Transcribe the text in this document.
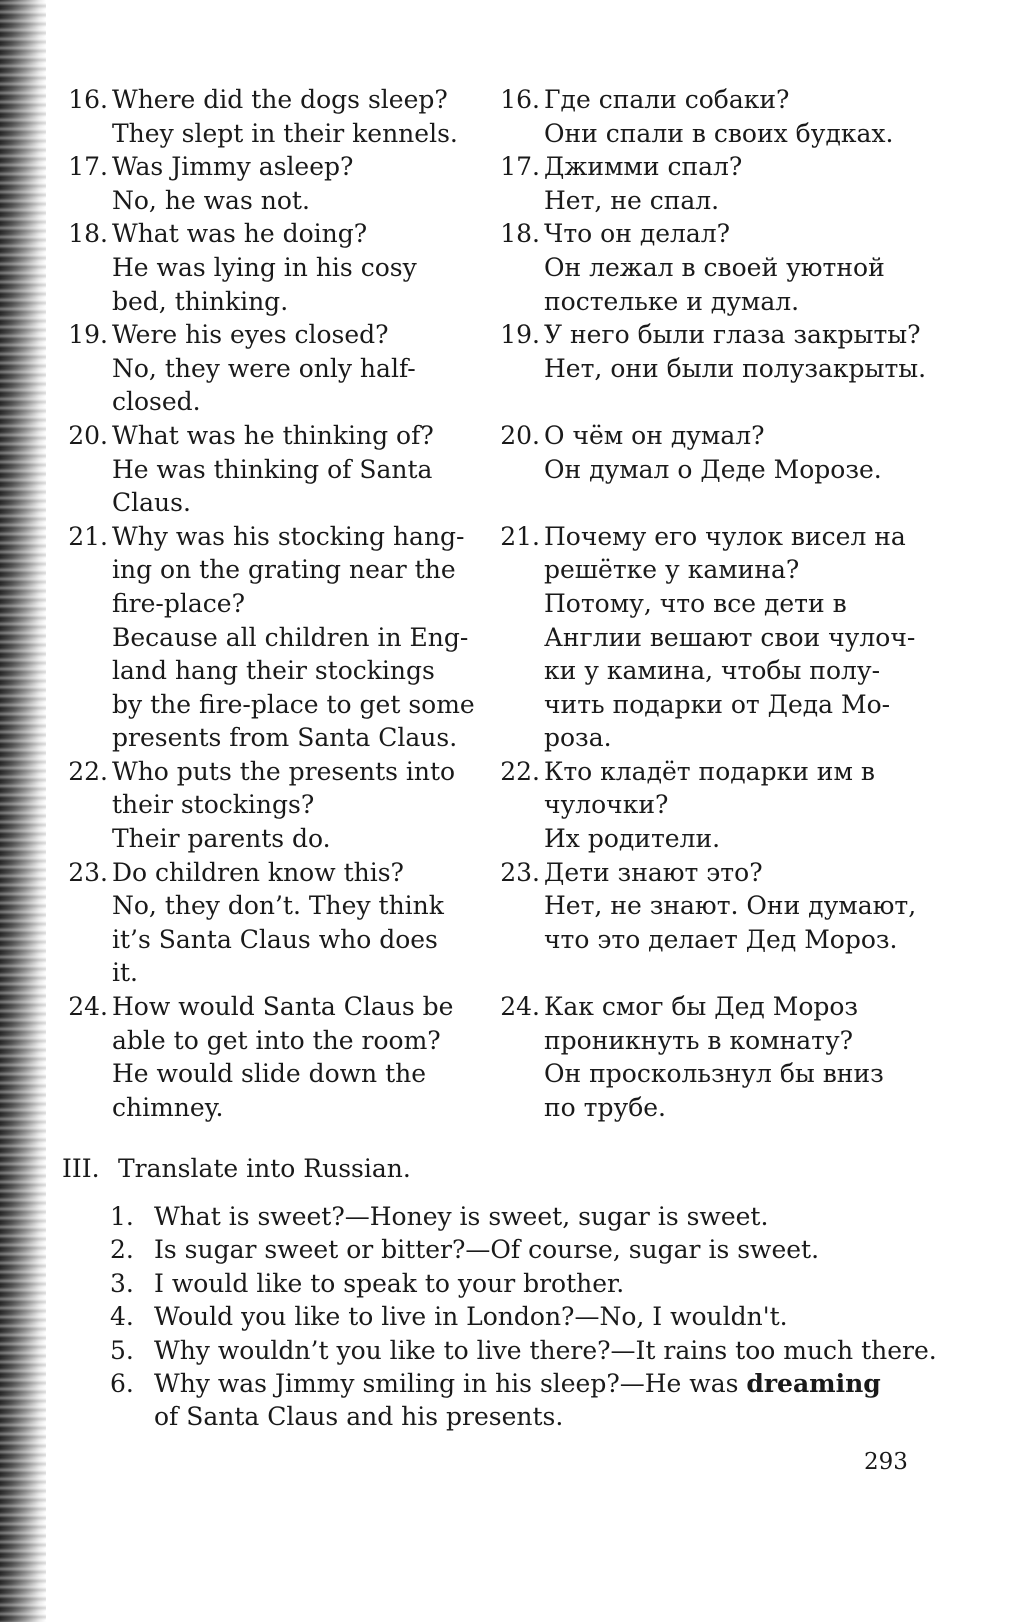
16. Where did the dogs sleep?
They slept in their kennels.
17. Was Jimmy asleep?
No, he was not.
18. What was he doing?
He was lying in his cosy
bed, thinking.
19. Were his eyes closed?
No, they were only half-
closed.
20. What was he thinking of?
He was thinking of Santa
Claus.
21. Why was his stocking hang-
ing on the grating near the
fire-place?
Because all children in Eng-
land hang their stockings
by the fire-place to get some
presents from Santa Claus.
22. Who puts the presents into
their stockings?
Their parents do.
23. Do children know this?
No, they don’t. They think
it’s Santa Claus who does
it.
24. How would Santa Claus be
able to get into the room?
He would slide down the
chimney.
16. Где спали собаки?
Они спали в своих будках.
17. Джимми спал?
Нет, не спал.
18. Что он делал?
Он лежал в своей уютной
постельке и думал.
19. У него были глаза закрыты?
Нет, они были полузакрыты.

20. О чём он думал?
Он думал о Деде Морозе.

21. Почему его чулок висел на
решётке у камина?
Потому, что все дети в
Англии вешают свои чулоч-
ки у камина, чтобы полу-
чить подарки от Деда Мо-
роза.
22. Кто кладёт подарки им в
чулочки?
Их родители.
23. Дети знают это?
Нет, не знают. Они думают,
что это делает Дед Мороз.

24. Как смог бы Дед Мороз
проникнуть в комнату?
Он проскользнул бы вниз
по трубе.
III. Translate into Russian.
1. What is sweet?—Honey is sweet, sugar is sweet.
2. Is sugar sweet or bitter?—Of course, sugar is sweet.
3. I would like to speak to your brother.
4. Would you like to live in London?—No, I wouldn't.
5. Why wouldn’t you like to live there?—It rains too much there.
6. Why was Jimmy smiling in his sleep?—He was dreaming
of Santa Claus and his presents.
293
